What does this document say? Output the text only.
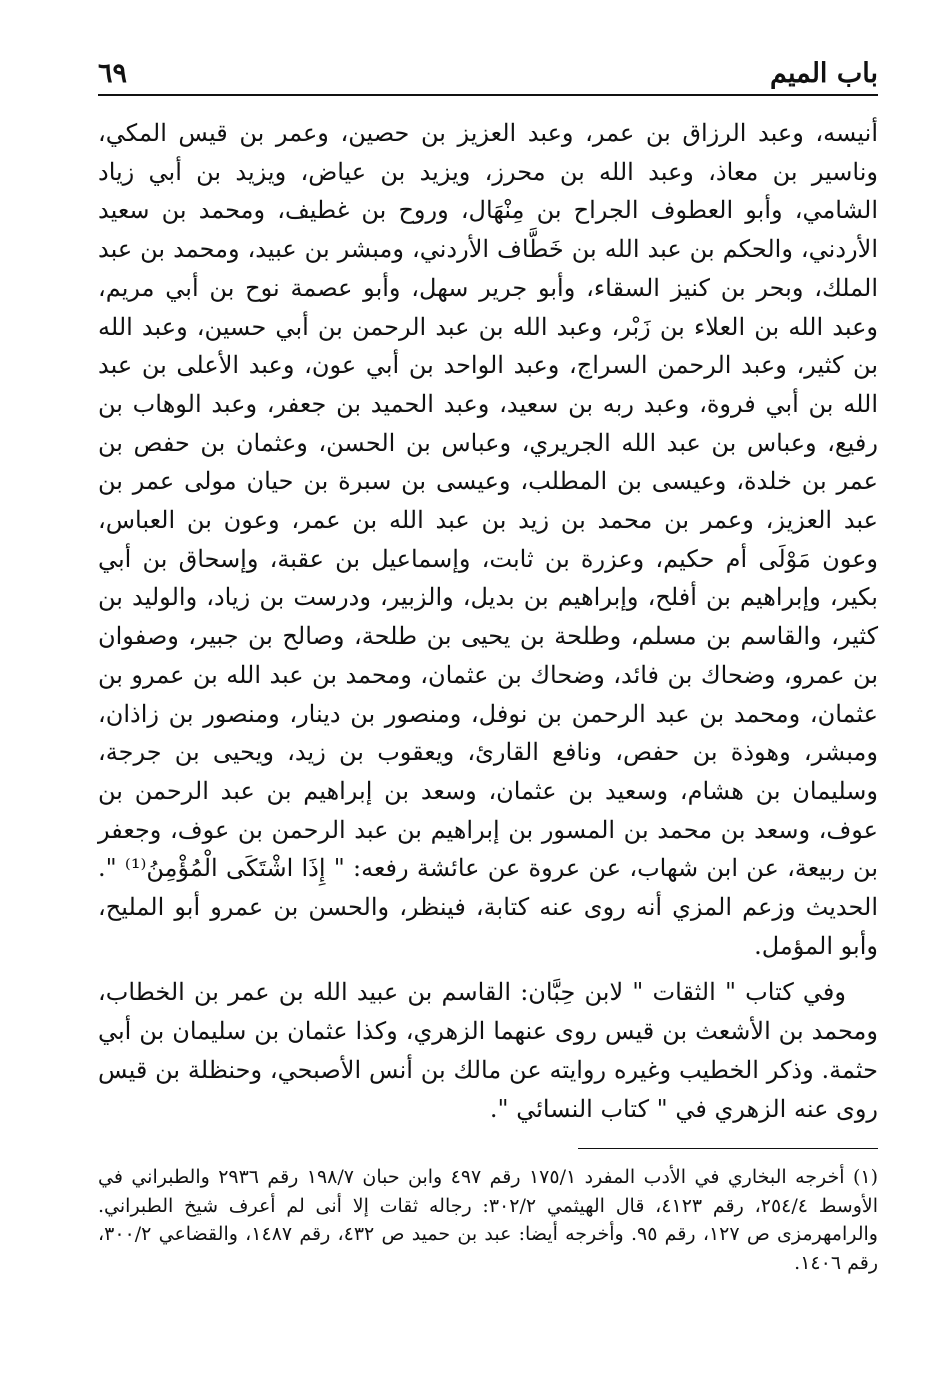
باب الميم
٦٩

أنيسه، وعبد الرزاق بن عمر، وعبد العزيز بن حصين، وعمر بن قيس المكي، وناسير بن معاذ، وعبد الله بن محرز، ويزيد بن عياض، ويزيد بن أبي زياد الشامي، وأبو العطوف الجراح بن مِنْهَال، وروح بن غطيف، ومحمد بن سعيد الأردني، والحكم بن عبد الله بن خَطَّاف الأردني، ومبشر بن عبيد، ومحمد بن عبد الملك، وبحر بن كنيز السقاء، وأبو جرير سهل، وأبو عصمة نوح بن أبي مريم، وعبد الله بن العلاء بن زَبْر، وعبد الله بن عبد الرحمن بن أبي حسين، وعبد الله بن كثير، وعبد الرحمن السراج، وعبد الواحد بن أبي عون، وعبد الأعلى بن عبد الله بن أبي فروة، وعبد ربه بن سعيد، وعبد الحميد بن جعفر، وعبد الوهاب بن رفيع، وعباس بن عبد الله الجريري، وعباس بن الحسن، وعثمان بن حفص بن عمر بن خلدة، وعيسى بن المطلب، وعيسى بن سبرة بن حيان مولى عمر بن عبد العزيز، وعمر بن محمد بن زيد بن عبد الله بن عمر، وعون بن العباس، وعون مَوْلَى أم حكيم، وعزرة بن ثابت، وإسماعيل بن عقبة، وإسحاق بن أبي بكير، وإبراهيم بن أفلح، وإبراهيم بن بديل، والزبير، ودرست بن زياد، والوليد بن كثير، والقاسم بن مسلم، وطلحة بن يحيى بن طلحة، وصالح بن جبير، وصفوان بن عمرو، وضحاك بن فائد، وضحاك بن عثمان، ومحمد بن عبد الله بن عمرو بن عثمان، ومحمد بن عبد الرحمن بن نوفل، ومنصور بن دينار، ومنصور بن زاذان، ومبشر، وهوذة بن حفص، ونافع القارئ، ويعقوب بن زيد، ويحيى بن جرجة، وسليمان بن هشام، وسعيد بن عثمان، وسعد بن إبراهيم بن عبد الرحمن بن عوف، وسعد بن محمد بن المسور بن إبراهيم بن عبد الرحمن بن عوف، وجعفر بن ربيعة، عن ابن شهاب، عن عروة عن عائشة رفعه: " إِذَا اشْتَكَى الْمُؤْمِنُ⁽¹⁾ ". الحديث وزعم المزي أنه روى عنه كتابة، فينظر، والحسن بن عمرو أبو المليح، وأبو المؤمل.

وفي كتاب " الثقات " لابن حِبَّان: القاسم بن عبيد الله بن عمر بن الخطاب، ومحمد بن الأشعث بن قيس روى عنهما الزهري، وكذا عثمان بن سليمان بن أبي حثمة. وذكر الخطيب وغيره روايته عن مالك بن أنس الأصبحي، وحنظلة بن قيس روى عنه الزهري في " كتاب النسائي ".

(١) أخرجه البخاري في الأدب المفرد ١٧٥/١ رقم ٤٩٧ وابن حبان ١٩٨/٧ رقم ٢٩٣٦ والطبراني في الأوسط ٢٥٤/٤، رقم ٤١٢٣، قال الهيثمي ٣٠٢/٢: رجاله ثقات إلا أنى لم أعرف شيخ الطبراني. والرامهرمزى ص ١٢٧، رقم ٩٥. وأخرجه أيضا: عبد بن حميد ص ٤٣٢، رقم ١٤٨٧، والقضاعي ٣٠٠/٢، رقم ١٤٠٦.
